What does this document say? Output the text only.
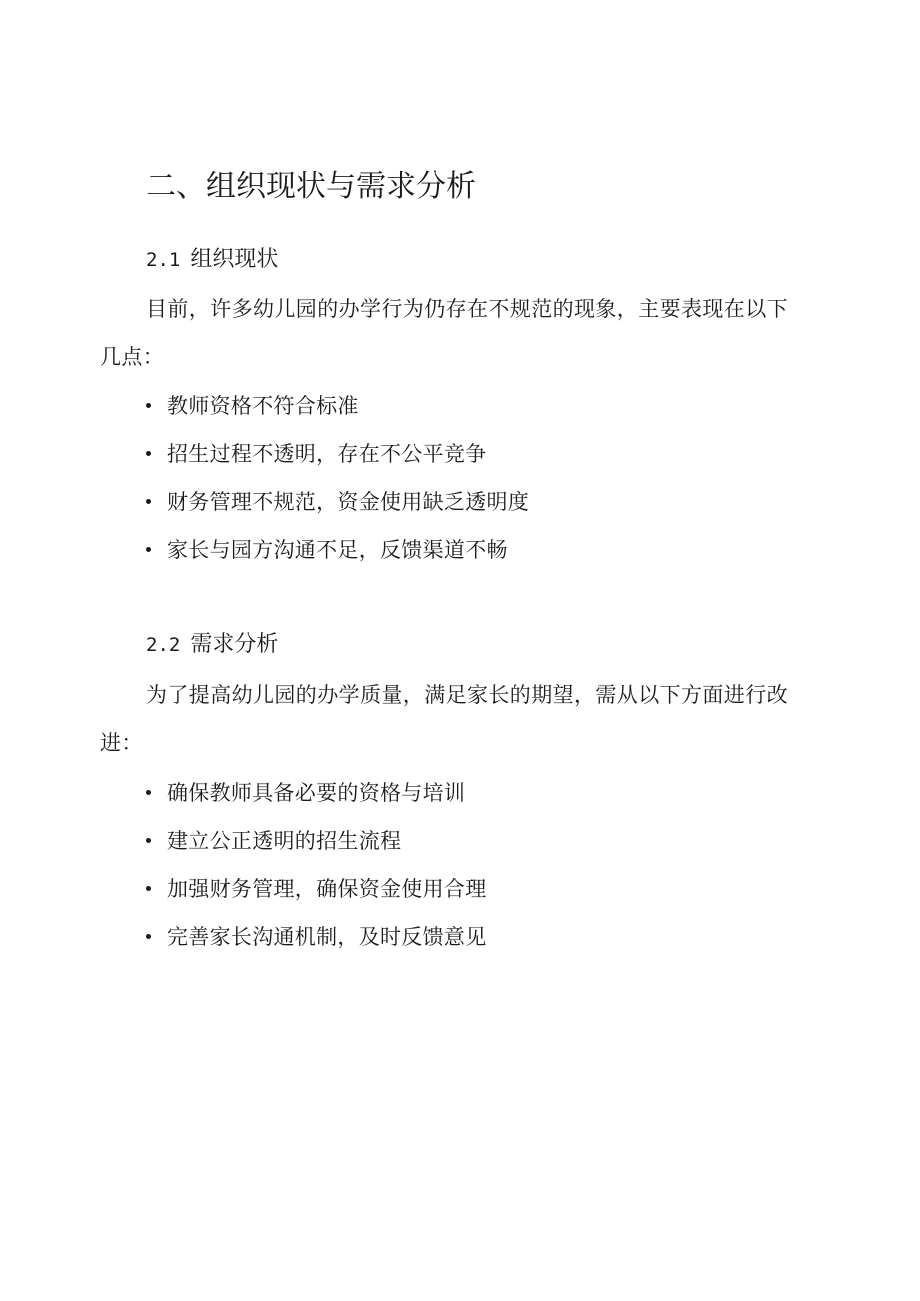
二、组织现状与需求分析
2.1 组织现状

目前，许多幼儿园的办学行为仍存在不规范的现象，主要表现在以下几点：

教师资格不符合标准
招生过程不透明，存在不公平竞争
财务管理不规范，资金使用缺乏透明度
家长与园方沟通不足，反馈渠道不畅
2.2 需求分析

为了提高幼儿园的办学质量，满足家长的期望，需从以下方面进行改进：

确保教师具备必要的资格与培训
建立公正透明的招生流程
加强财务管理，确保资金使用合理
完善家长沟通机制，及时反馈意见
